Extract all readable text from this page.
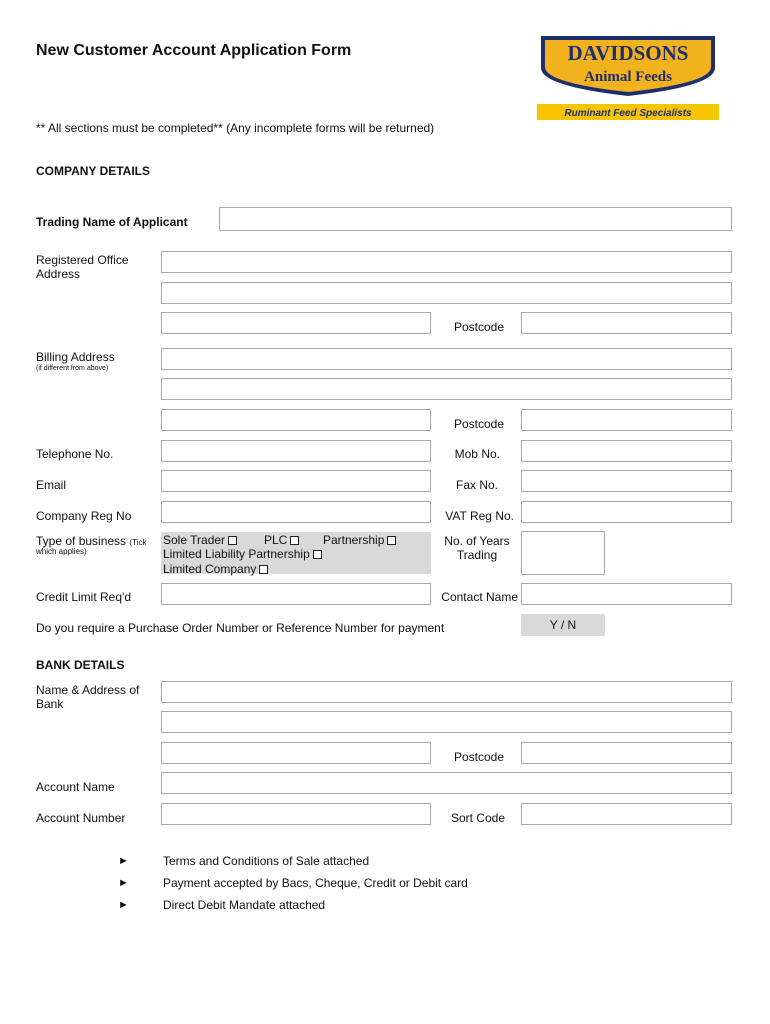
New Customer Account Application Form
** All sections must be completed** (Any incomplete forms will be returned)
DAVIDSONS
Animal Feeds
Ruminant Feed Specialists
COMPANY DETAILS
Trading Name of Applicant
Registered Office Address
Postcode
Billing Address
(if different from above)
Postcode
Telephone No.	Mob No.
Email	Fax No.
Company Reg No	VAT Reg No.
Type of business (Tick
which applies)
Sole Trader	PLC	Partnership
Limited Liability Partnership
Limited Company
No. of Years
Trading
Credit Limit Req'd	Contact Name
Do you require a Purchase Order Number or Reference Number for payment	Y / N
BANK DETAILS
Name & Address of Bank
Postcode
Account Name
Account Number	Sort Code
►	Terms and Conditions of Sale attached
►	Payment accepted by Bacs, Cheque, Credit or Debit card
►	Direct Debit Mandate attached
